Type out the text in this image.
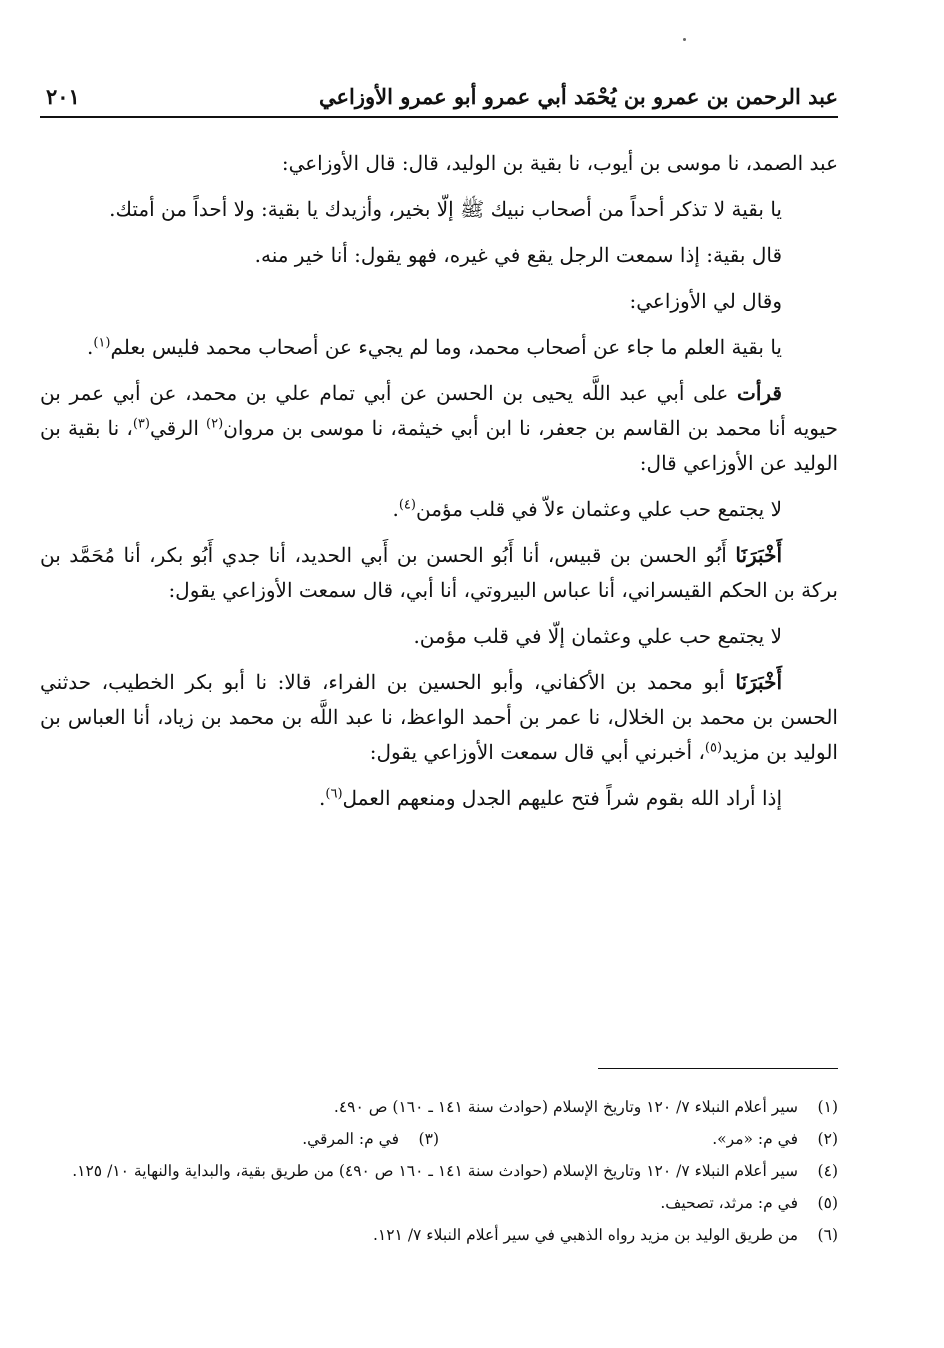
عبد الرحمن بن عمرو بن يُحْمَد أبي عمرو أبو عمرو الأوزاعي
٢٠١

عبد الصمد، نا موسى بن أيوب، نا بقية بن الوليد، قال: قال الأوزاعي:

يا بقية لا تذكر أحداً من أصحاب نبيك ﷺ إلّا بخير، وأزيدك يا بقية: ولا أحداً من أمتك.

قال بقية: إذا سمعت الرجل يقع في غيره، فهو يقول: أنا خير منه.

وقال لي الأوزاعي:

يا بقية العلم ما جاء عن أصحاب محمد، وما لم يجيء عن أصحاب محمد فليس بعلم$^{(١)}$.

قرأت على أبي عبد اللَّه يحيى بن الحسن عن أبي تمام علي بن محمد، عن أبي عمر بن حيويه أنا محمد بن القاسم بن جعفر، نا ابن أبي خيثمة، نا موسى بن مروان$^{(٢)}$ الرقي$^{(٣)}$، نا بقية بن الوليد عن الأوزاعي قال:

لا يجتمع حب علي وعثمان ءلاّ في قلب مؤمن$^{(٤)}$.

أَخْبَرَنَا أَبُو الحسن بن قبيس، أنا أَبُو الحسن بن أَبي الحديد، أنا جدي أَبُو بكر، أنا مُحَمَّد بن بركة بن الحكم القيسراني، أنا عباس البيروتي، أنا أبي، قال سمعت الأوزاعي يقول:

لا يجتمع حب علي وعثمان إلّا في قلب مؤمن.

أَخْبَرَنَا أبو محمد بن الأكفاني، وأبو الحسين بن الفراء، قالا: نا أبو بكر الخطيب، حدثني الحسن بن محمد بن الخلال، نا عمر بن أحمد الواعظ، نا عبد اللَّه بن محمد بن زياد، أنا العباس بن الوليد بن مزيد$^{(٥)}$، أخبرني أبي قال سمعت الأوزاعي يقول:

إذا أراد الله بقوم شراً فتح عليهم الجدل ومنعهم العمل$^{(٦)}$.

(١)
سير أعلام النبلاء ٧/ ١٢٠ وتاريخ الإسلام (حوادث سنة ١٤١ ـ ١٦٠) ص ٤٩٠.
(٢)
في م: «مر».
(٣)
في م: المرقي.
(٤)
سير أعلام النبلاء ٧/ ١٢٠ وتاريخ الإسلام (حوادث سنة ١٤١ ـ ١٦٠ ص ٤٩٠) من طريق بقية، والبداية والنهاية ١٠/ ١٢٥.
(٥)
في م: مرثد، تصحيف.
(٦)
من طريق الوليد بن مزيد رواه الذهبي في سير أعلام النبلاء ٧/ ١٢١.
